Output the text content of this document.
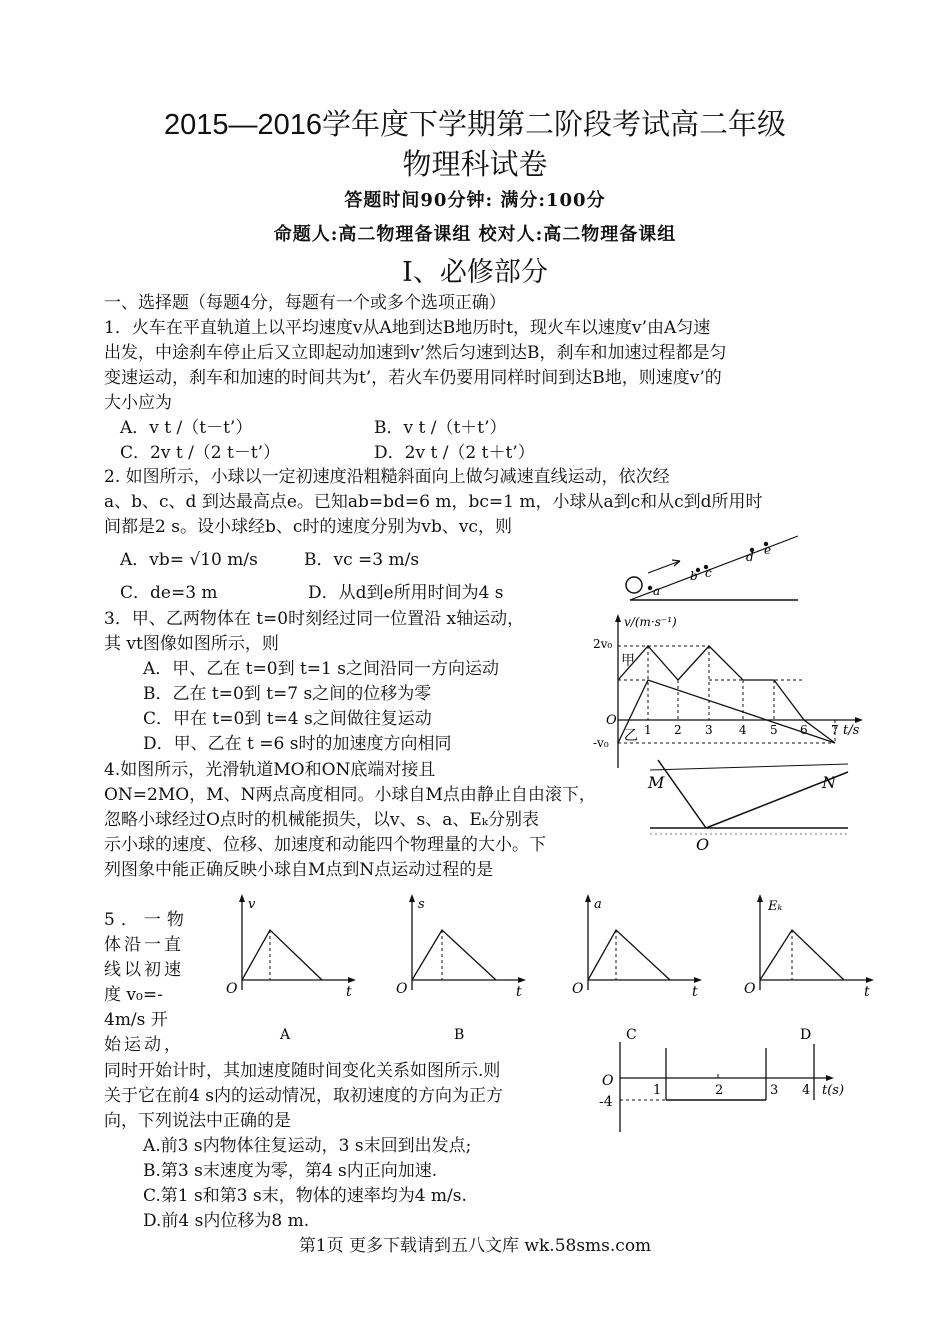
2015—2016学年度下学期第二阶段考试高二年级
物理科试卷
答题时间90分钟: 满分:100分
命题人:高二物理备课组 校对人:高二物理备课组
I、必修部分
一、选择题（每题4分，每题有一个或多个选项正确）
1．火车在平直轨道上以平均速度v从A地到达B地历时t，现火车以速度v’由A匀速
出发，中途刹车停止后又立即起动加速到v’然后匀速到达B，刹车和加速过程都是匀
变速运动，刹车和加速的时间共为t’，若火车仍要用同样时间到达B地，则速度v’的
大小应为
A．v t /（t－t’）	B．v t /（t＋t’）
C．2v t /（2 t－t’）	D．2v t /（2 t＋t’）
2. 如图所示，小球以一定初速度沿粗糙斜面向上做匀减速直线运动，依次经
a、b、c、d 到达最高点e。已知ab=bd=6 m，bc=1 m，小球从a到c和从c到d所用时
间都是2 s。设小球经b、c时的速度分别为vb、vc，则
A．vb= √10 m/s	B．vc =3 m/s
C．de=3 m	D．从d到e所用时间为4 s	a
b c
d e
3．甲、乙两物体在 t=0时刻经过同一位置沿 x轴运动，
其 vt图像如图所示，则
A．甲、乙在 t=0到 t=1 s之间沿同一方向运动
B．乙在 t=0到 t=7 s之间的位移为零
C．甲在 t=0到 t=4 s之间做往复运动
D．甲、乙在 t =6 s时的加速度方向相同
v/(m·s⁻¹)
t/s
2v₀
-v₀
O
甲
乙 1 2 3 4 5 6 7
4.如图所示，光滑轨道MO和ON底端对接且
ON=2MO，M、N两点高度相同。小球自M点由静止自由滚下，
忽略小球经过O点时的机械能损失，以v、s、a、Eₖ分别表
示小球的速度、位移、加速度和动能四个物理量的大小。下
列图象中能正确反映小球自M点到N点运动过程的是
M	N
O
v
O	t
A
s
O	t
B
a
O	t
C
Eₖ
O	t
D
5．一物
体沿一直
线以初速
度 v₀=-
4m/s 开
始运动，
同时开始计时，其加速度随时间变化关系如图所示.则
关于它在前4 s内的运动情况，取初速度的方向为正方
向，下列说法中正确的是
A.前3 s内物体往复运动，3 s末回到出发点;
B.第3 s末速度为零，第4 s内正向加速.
C.第1 s和第3 s末，物体的速率均为4 m/s.
D.前4 s内位移为8 m.
O
-4
1	2	3 4 t(s)
第1页 更多下载请到五八文库 wk.58sms.com
